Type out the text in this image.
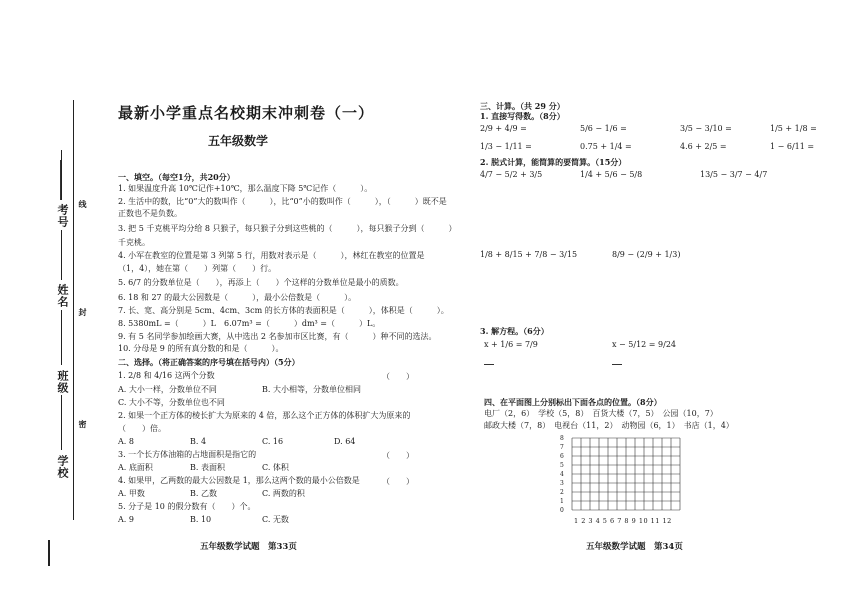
考号
姓名
班级
学校
线
封
密
最新小学重点名校期末冲刺卷（一）
五年级数学
一、填空。（每空1分，共20分）
1. 如果温度升高 10℃记作+10℃，那么温度下降 5℃记作（　　　）。
2. 生活中的数，比“0”大的数叫作（　　　），比“0”小的数叫作（　　　），（　　　）既不是
正数也不是负数。
3. 把 5 千克桃平均分给 8 只猴子，每只猴子分到这些桃的（　　　），每只猴子分到（　　　）
千克桃。
4. 小军在教室的位置是第 3 列第 5 行，用数对表示是（　　　），林红在教室的位置是
（1，4），她在第（　　）列第（　　）行。
5. 6/7 的分数单位是（　　），再添上（　　）个这样的分数单位是最小的质数。
6. 18 和 27 的最大公因数是（　　　），最小公倍数是（　　　）。
7. 长、宽、高分别是 5cm、4cm、3cm 的长方体的表面积是（　　　），体积是（　　　）。
8. 5380mL =（　　　）L　6.07m³ =（　　　）dm³ =（　　　）L。
9. 有 5 名同学参加绘画大赛，从中选出 2 名参加市区比赛，有（　　　）种不同的选法。
10. 分母是 9 的所有真分数的和是（　　　）。
二、选择。（将正确答案的序号填在括号内）（5分）
1. 2/8 和 4/16 这两个分数	（　　）
A. 大小一样，分数单位不同	B. 大小相等，分数单位相同
C. 大小不等，分数单位也不同
2. 如果一个正方体的棱长扩大为原来的 4 倍，那么这个正方体的体积扩大为原来的
（　　）倍。
A. 8	B. 4	C. 16	D. 64
3. 一个长方体油箱的占地面积是指它的	（　　）
A. 底面积	B. 表面积	C. 体积
4. 如果甲，乙两数的最大公因数是 1，那么这两个数的最小公倍数是	（　　）
A. 甲数	B. 乙数	C. 两数的积
5. 分子是 10 的假分数有（　　）个。
A. 9	B. 10	C. 无数
五年级数学试题　第33页
三、计算。（共 29 分）
1. 直接写得数。（8分）
2/9 + 4/9 =	5/6 − 1/6 =	3/5 − 3/10 =	1/5 + 1/8 =
1/3 − 1/11 =	0.75 + 1/4 =	4.6 + 2/5 =	1 − 6/11 =
2. 脱式计算，能简算的要简算。（15分）
4/7 − 5/2 + 3/5	1/4 + 5/6 − 5/8	13/5 − 3/7 − 4/7
1/8 + 8/15 + 7/8 − 3/15	8/9 − (2/9 + 1/3)
3. 解方程。（6分）
x + 1/6 = 7/9	x − 5/12 = 9/24
四、在平面图上分别标出下面各点的位置。（8分）
电厂（2，6）　学校（5，8）　百货大楼（7，5）　公园（10，7）
邮政大楼（7，8）　电视台（11，2）　动物园（6，1）　书店（1，4）
8
7
6
5
4
3
2
1
0
1 2 3 4 5 6 7 8 9 10 11 12
五年级数学试题　第34页
